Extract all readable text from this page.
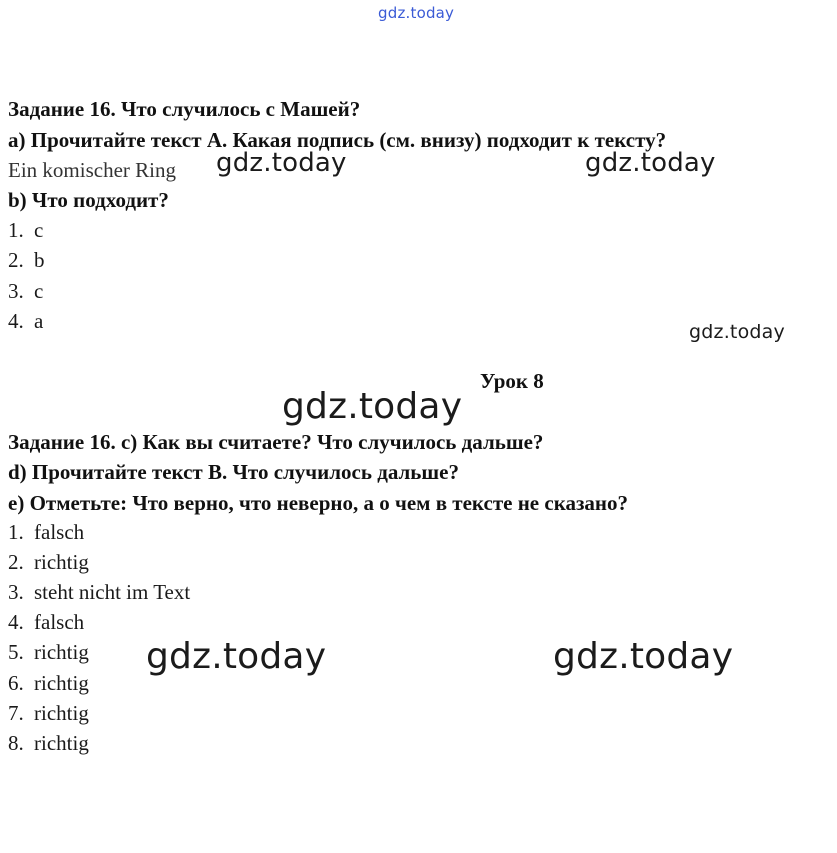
gdz.today
gdz.today	gdz.today
gdz.today
gdz.today
gdz.today	gdz.today
Задание 16. Что случилось с Машей?
а) Прочитайте текст А. Какая подпись (см. внизу) подходит к тексту?
Ein komischer Ring
b) Что подходит?
1. c
2. b
3. c
4. a
Урок 8
Задание 16. с) Как вы считаете? Что случилось дальше?
d) Прочитайте текст В. Что случилось дальше?
e) Отметьте: Что верно, что неверно, а о чем в тексте не сказано?
1. falsch
2. richtig
3. steht nicht im Text
4. falsch
5. richtig
6. richtig
7. richtig
8. richtig
